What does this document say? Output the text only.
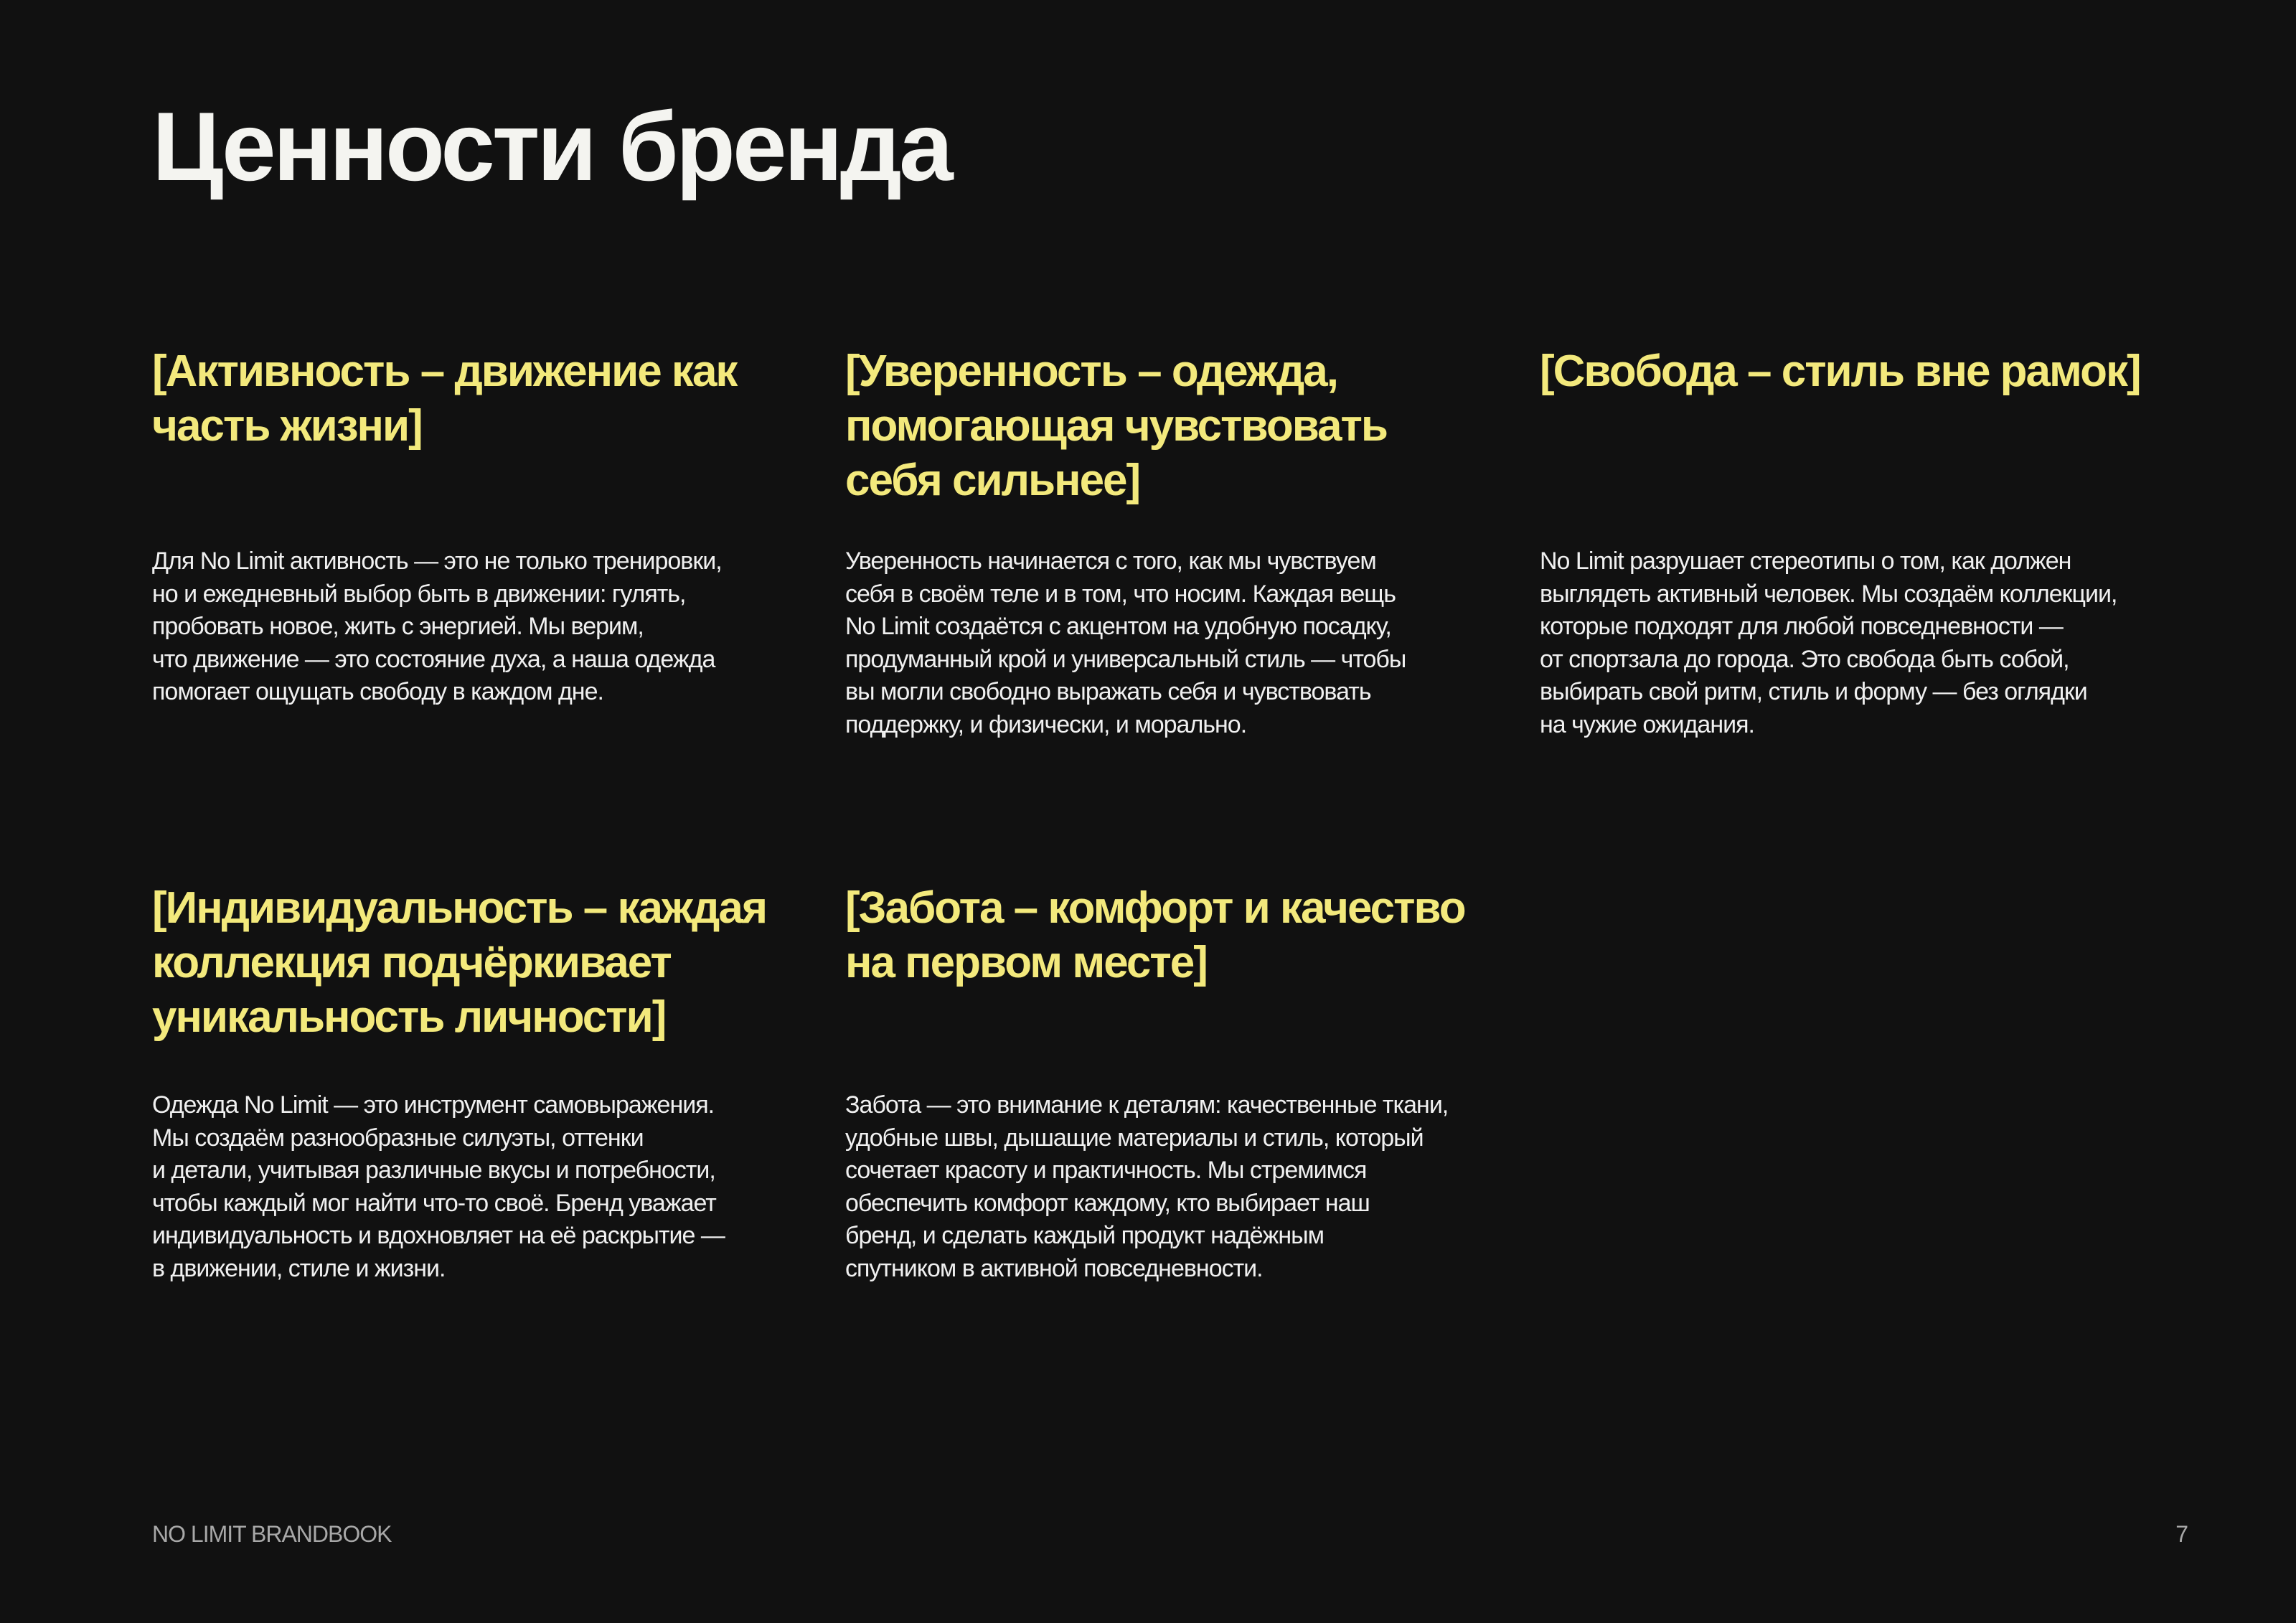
Ценности бренда
[Активность – движение как
часть жизни]

Для No Limit активность — это не только тренировки,
но и ежедневный выбор быть в движении: гулять,
пробовать новое, жить с энергией. Мы верим,
что движение — это состояние духа, а наша одежда
помогает ощущать свободу в каждом дне.

[Уверенность – одежда,
помогающая чувствовать
себя сильнее]

Уверенность начинается с того, как мы чувствуем
себя в своём теле и в том, что носим. Каждая вещь
No Limit создаётся с акцентом на удобную посадку,
продуманный крой и универсальный стиль — чтобы
вы могли свободно выражать себя и чувствовать
поддержку, и физически, и морально.

[Свобода – стиль вне рамок]

No Limit разрушает стереотипы о том, как должен
выглядеть активный человек. Мы создаём коллекции,
которые подходят для любой повседневности —
от спортзала до города. Это свобода быть собой,
выбирать свой ритм, стиль и форму — без оглядки
на чужие ожидания.

[Индивидуальность – каждая
коллекция подчёркивает
уникальность личности]

Одежда No Limit — это инструмент самовыражения.
Мы создаём разнообразные силуэты, оттенки
и детали, учитывая различные вкусы и потребности,
чтобы каждый мог найти что-то своё. Бренд уважает
индивидуальность и вдохновляет на её раскрытие —
в движении, стиле и жизни.

[Забота – комфорт и качество
на первом месте]

Забота — это внимание к деталям: качественные ткани,
удобные швы, дышащие материалы и стиль, который
сочетает красоту и практичность. Мы стремимся
обеспечить комфорт каждому, кто выбирает наш
бренд, и сделать каждый продукт надёжным
спутником в активной повседневности.

NO LIMIT BRANDBOOK	7
